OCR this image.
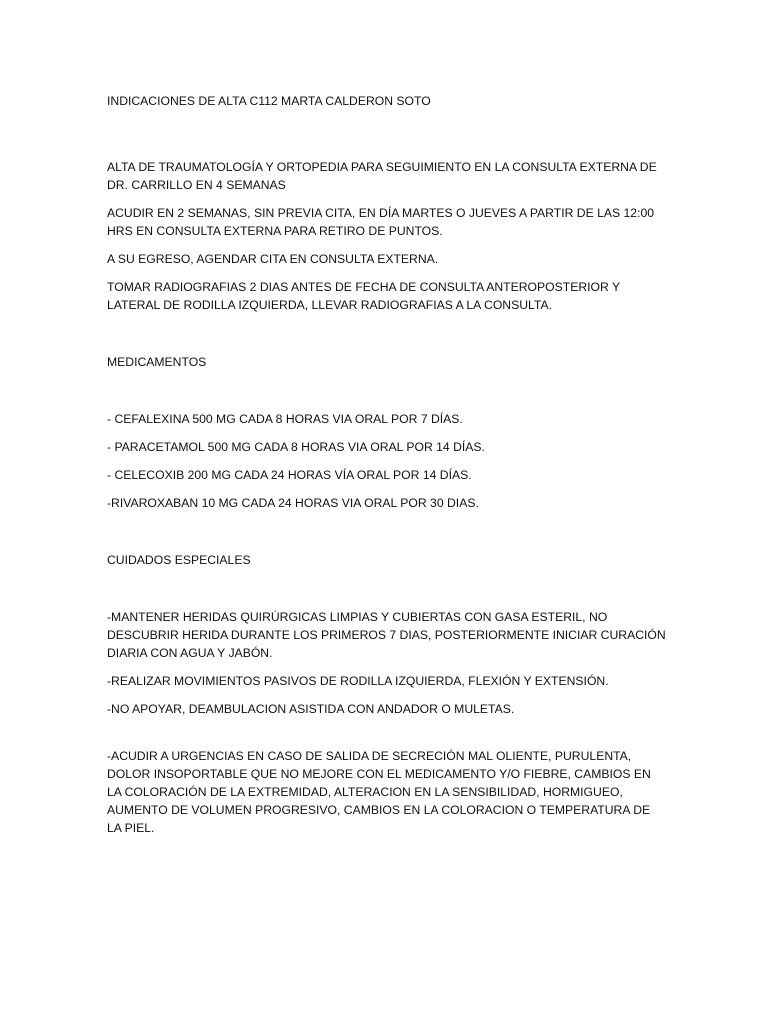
INDICACIONES DE ALTA C112 MARTA CALDERON SOTO

ALTA DE TRAUMATOLOGÍA Y ORTOPEDIA PARA SEGUIMIENTO EN LA CONSULTA EXTERNA DE DR. CARRILLO EN 4 SEMANAS

ACUDIR EN 2 SEMANAS, SIN PREVIA CITA, EN DÍA MARTES O JUEVES A PARTIR DE LAS 12:00 HRS EN CONSULTA EXTERNA PARA RETIRO DE PUNTOS.

A SU EGRESO, AGENDAR CITA EN CONSULTA EXTERNA.

TOMAR RADIOGRAFIAS 2 DIAS ANTES DE FECHA DE CONSULTA ANTEROPOSTERIOR Y LATERAL DE RODILLA IZQUIERDA, LLEVAR RADIOGRAFIAS A LA CONSULTA.

MEDICAMENTOS

- CEFALEXINA 500 MG CADA 8 HORAS VIA ORAL POR 7 DÍAS.

- PARACETAMOL 500 MG CADA 8 HORAS VIA ORAL POR 14 DÍAS.

- CELECOXIB 200 MG CADA 24 HORAS VÍA ORAL POR 14 DÍAS.

-RIVAROXABAN 10 MG CADA 24 HORAS VIA ORAL POR 30 DIAS.

CUIDADOS ESPECIALES

-MANTENER HERIDAS QUIRÚRGICAS LIMPIAS Y CUBIERTAS CON GASA ESTERIL, NO DESCUBRIR HERIDA DURANTE LOS PRIMEROS 7 DIAS, POSTERIORMENTE INICIAR CURACIÓN DIARIA CON AGUA Y JABÓN.

-REALIZAR MOVIMIENTOS PASIVOS DE RODILLA IZQUIERDA, FLEXIÓN Y EXTENSIÓN.

-NO APOYAR, DEAMBULACION ASISTIDA CON ANDADOR O MULETAS.

-ACUDIR A URGENCIAS EN CASO DE SALIDA DE SECRECIÓN MAL OLIENTE, PURULENTA, DOLOR INSOPORTABLE QUE NO MEJORE CON EL MEDICAMENTO Y/O FIEBRE, CAMBIOS EN LA COLORACIÓN DE LA EXTREMIDAD, ALTERACION EN LA SENSIBILIDAD, HORMIGUEO, AUMENTO DE VOLUMEN PROGRESIVO, CAMBIOS EN LA COLORACION O TEMPERATURA DE LA PIEL.
